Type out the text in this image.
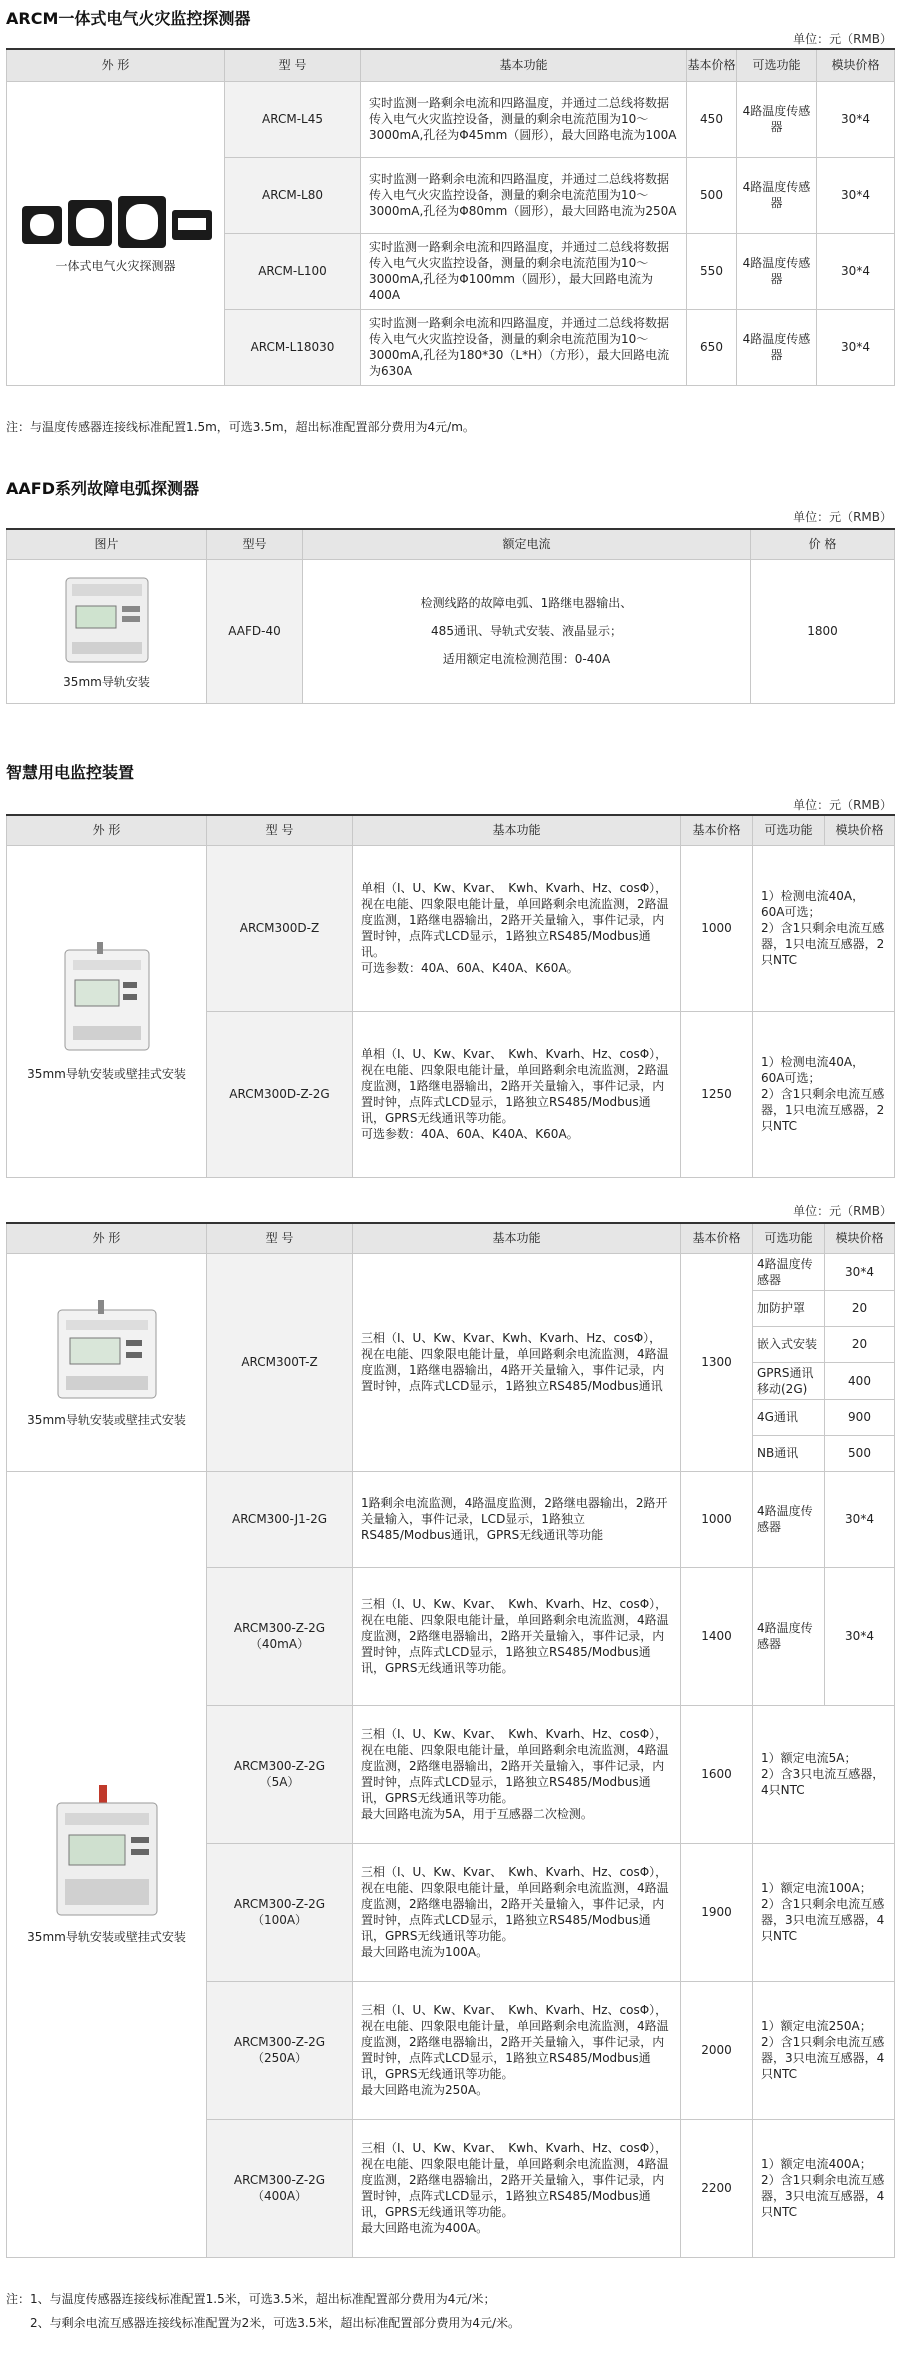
ARCM一体式电气火灾监控探测器
单位：元（RMB）
外 形	型 号	基本功能	基本价格	可选功能	模块价格

一体式电气火灾探测器	ARCM-L45	实时监测一路剩余电流和四路温度，并通过二总线将数据传入电气火灾监控设备，测量的剩余电流范围为10～3000mA,孔径为Φ45mm（圆形），最大回路电流为100A	450	4路温度传感器	30*4
	ARCM-L80	实时监测一路剩余电流和四路温度，并通过二总线将数据传入电气火灾监控设备，测量的剩余电流范围为10～3000mA,孔径为Φ80mm（圆形），最大回路电流为250A	500	4路温度传感器	30*4
	ARCM-L100	实时监测一路剩余电流和四路温度，并通过二总线将数据传入电气火灾监控设备，测量的剩余电流范围为10～3000mA,孔径为Φ100mm（圆形），最大回路电流为400A	550	4路温度传感器	30*4
	ARCM-L18030	实时监测一路剩余电流和四路温度，并通过二总线将数据传入电气火灾监控设备，测量的剩余电流范围为10～3000mA,孔径为180*30（L*H）（方形），最大回路电流为630A	650	4路温度传感器	30*4
注：与温度传感器连接线标准配置1.5m，可选3.5m，超出标准配置部分费用为4元/m。
AAFD系列故障电弧探测器
单位：元（RMB）
图片	型号	额定电流	价 格

35mm导轨安装	AAFD-40	检测线路的故障电弧、1路继电器输出、
485通讯、导轨式安装、液晶显示；
适用额定电流检测范围：0-40A	1800
智慧用电监控装置
单位：元（RMB）
外 形	型 号	基本功能	基本价格	可选功能	模块价格

35mm导轨安装或壁挂式安装	ARCM300D-Z	单相（I、U、Kw、Kvar、　Kwh、Kvarh、Hz、cosΦ），视在电能、四象限电能计量，单回路剩余电流监测，2路温度监测，1路继电器输出，2路开关量输入，事件记录，内置时钟，点阵式LCD显示，1路独立RS485/Modbus通讯。
可选参数：40A、60A、K40A、K60A。	1000	1）检测电流40A，60A可选；
2）含1只剩余电流互感器，1只电流互感器，2只NTC	
	ARCM300D-Z-2G	单相（I、U、Kw、Kvar、　Kwh、Kvarh、Hz、cosΦ），视在电能、四象限电能计量，单回路剩余电流监测，2路温度监测，1路继电器输出，2路开关量输入，事件记录，内置时钟，点阵式LCD显示，1路独立RS485/Modbus通讯，GPRS无线通讯等功能。
可选参数：40A、60A、K40A、K60A。	1250	1）检测电流40A，60A可选；
2）含1只剩余电流互感器，1只电流互感器，2只NTC	
单位：元（RMB）
外 形	型 号	基本功能	基本价格	可选功能	模块价格

35mm导轨安装或壁挂式安装	ARCM300T-Z	三相（I、U、Kw、Kvar、Kwh、Kvarh、Hz、cosΦ），视在电能、四象限电能计量，单回路剩余电流监测，4路温度监测，1路继电器输出，4路开关量输入，事件记录，内置时钟，点阵式LCD显示，1路独立RS485/Modbus通讯	1300	4路温度传感器	30*4
				加防护罩	20
				嵌入式安装	20
				GPRS通讯移动(2G)	400
				4G通讯	900
				NB通讯	500

35mm导轨安装或壁挂式安装	ARCM300-J1-2G	1路剩余电流监测，4路温度监测，2路继电器输出，2路开关量输入，事件记录，LCD显示，1路独立RS485/Modbus通讯，GPRS无线通讯等功能	1000	4路温度传感器	30*4
	ARCM300-Z-2G
（40mA）	三相（I、U、Kw、Kvar、　Kwh、Kvarh、Hz、cosΦ），视在电能、四象限电能计量，单回路剩余电流监测，4路温度监测，2路继电器输出，2路开关量输入，事件记录，内置时钟，点阵式LCD显示，1路独立RS485/Modbus通讯，GPRS无线通讯等功能。	1400	4路温度传感器	30*4
	ARCM300-Z-2G
（5A）	三相（I、U、Kw、Kvar、　Kwh、Kvarh、Hz、cosΦ），视在电能、四象限电能计量，单回路剩余电流监测，4路温度监测，2路继电器输出，2路开关量输入，事件记录，内置时钟，点阵式LCD显示，1路独立RS485/Modbus通讯，GPRS无线通讯等功能。
最大回路电流为5A，用于互感器二次检测。	1600	1）额定电流5A；
2）含3只电流互感器，4只NTC	
	ARCM300-Z-2G
（100A）	三相（I、U、Kw、Kvar、　Kwh、Kvarh、Hz、cosΦ），视在电能、四象限电能计量，单回路剩余电流监测，4路温度监测，2路继电器输出，2路开关量输入，事件记录，内置时钟，点阵式LCD显示，1路独立RS485/Modbus通讯，GPRS无线通讯等功能。
最大回路电流为100A。	1900	1）额定电流100A；
2）含1只剩余电流互感器，3只电流互感器，4只NTC	
	ARCM300-Z-2G
（250A）	三相（I、U、Kw、Kvar、　Kwh、Kvarh、Hz、cosΦ），视在电能、四象限电能计量，单回路剩余电流监测，4路温度监测，2路继电器输出，2路开关量输入，事件记录，内置时钟，点阵式LCD显示，1路独立RS485/Modbus通讯，GPRS无线通讯等功能。
最大回路电流为250A。	2000	1）额定电流250A；
2）含1只剩余电流互感器，3只电流互感器，4只NTC	
	ARCM300-Z-2G
（400A）	三相（I、U、Kw、Kvar、　Kwh、Kvarh、Hz、cosΦ），视在电能、四象限电能计量，单回路剩余电流监测，4路温度监测，2路继电器输出，2路开关量输入，事件记录，内置时钟，点阵式LCD显示，1路独立RS485/Modbus通讯，GPRS无线通讯等功能。
最大回路电流为400A。	2200	1）额定电流400A；
2）含1只剩余电流互感器，3只电流互感器，4只NTC	
注：1、与温度传感器连接线标准配置1.5米，可选3.5米，超出标准配置部分费用为4元/米；
　　2、与剩余电流互感器连接线标准配置为2米，可选3.5米，超出标准配置部分费用为4元/米。
